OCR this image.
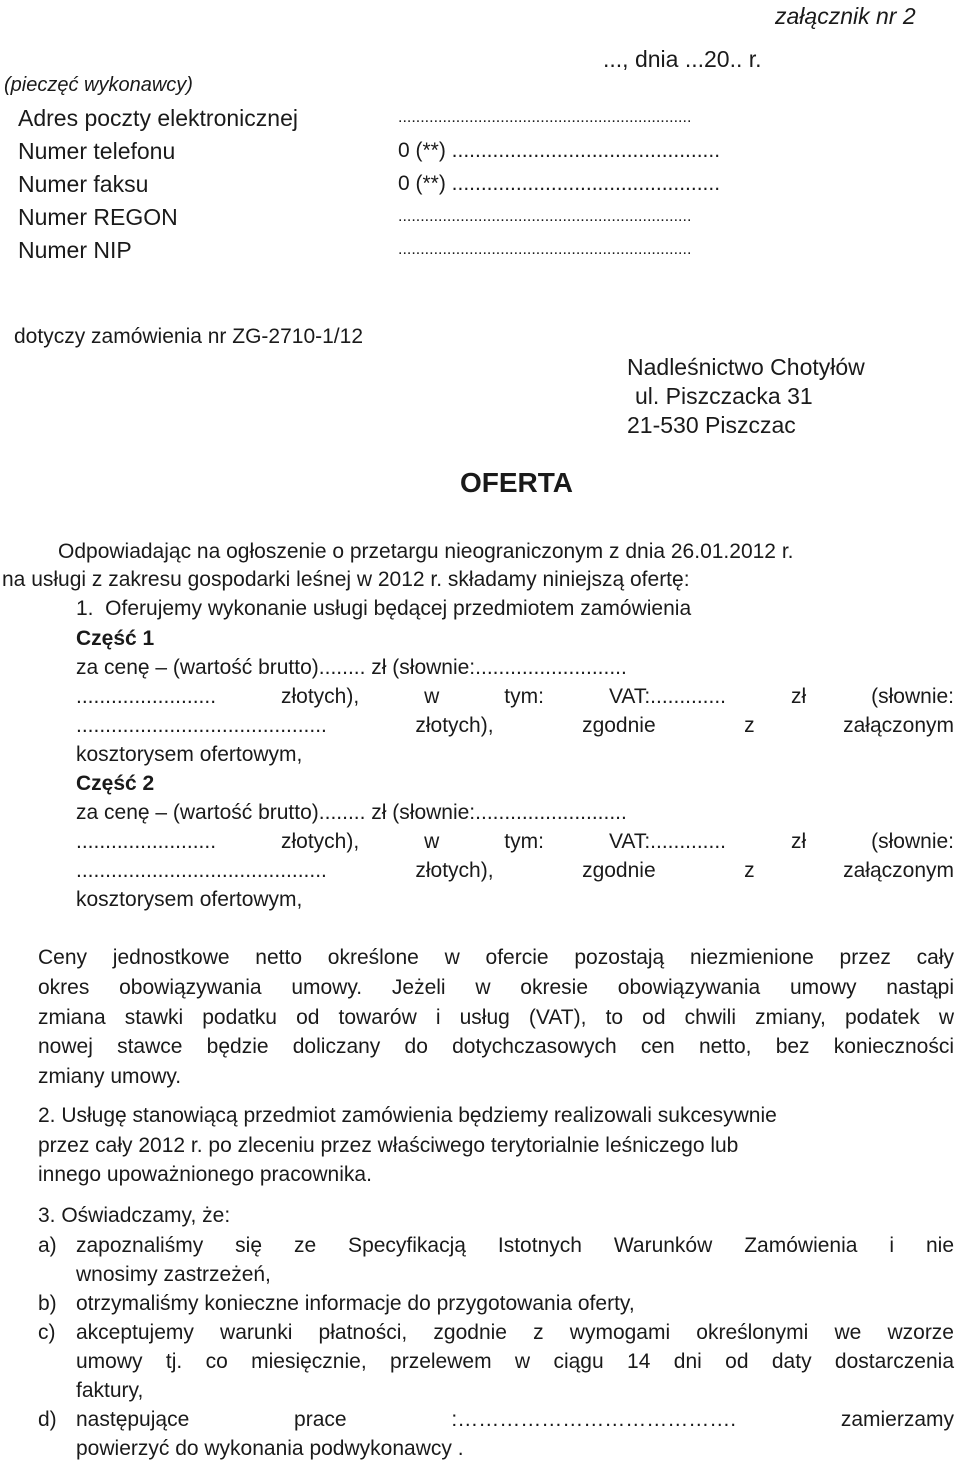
załącznik nr 2
..., dnia ...20.. r.
(pieczęć wykonawcy)
Adres poczty elektronicznej	..................................................................
Numer telefonu	0 (**) ..............................................
Numer faksu	0 (**) ..............................................
Numer REGON	..................................................................
Numer NIP	..................................................................
dotyczy zamówienia nr ZG-2710-1/12
Nadleśnictwo Chotyłów
ul. Piszczacka 31
21-530 Piszczac
OFERTA
Odpowiadając na ogłoszenie o przetargu nieograniczonym z dnia 26.01.2012 r.
na usługi z zakresu gospodarki leśnej w 2012 r. składamy niniejszą ofertę:
1.  Oferujemy wykonanie usługi będącej przedmiotem zamówienia
Część 1
za cenę – (wartość brutto)........ zł (słownie:..........................
........................ złotych), w tym: VAT:............. zł (słownie:
........................................... złotych), zgodnie z załączonym
kosztorysem ofertowym,
Część 2
za cenę – (wartość brutto)........ zł (słownie:..........................
........................ złotych), w tym: VAT:............. zł (słownie:
........................................... złotych), zgodnie z załączonym
kosztorysem ofertowym,
Ceny jednostkowe netto określone w ofercie pozostają niezmienione przez cały
okres obowiązywania umowy. Jeżeli w okresie obowiązywania umowy nastąpi
zmiana stawki podatku od towarów i usług (VAT), to od chwili zmiany, podatek w
nowej stawce będzie doliczany do dotychczasowych cen netto, bez konieczności
zmiany umowy.
2. Usługę stanowiącą przedmiot zamówienia będziemy realizowali sukcesywnie
przez cały 2012 r. po zleceniu przez właściwego terytorialnie leśniczego lub
innego upoważnionego pracownika.
3. Oświadczamy, że:
a) zapoznaliśmy się ze Specyfikacją Istotnych Warunków Zamówienia i nie
wnosimy zastrzeżeń,
b) otrzymaliśmy konieczne informacje do przygotowania oferty,
c) akceptujemy warunki płatności, zgodnie z wymogami określonymi we wzorze
umowy tj. co miesięcznie, przelewem w ciągu 14 dni od daty dostarczenia
faktury,
d) następujące prace :…………………………………. zamierzamy
powierzyć do wykonania podwykonawcy .
